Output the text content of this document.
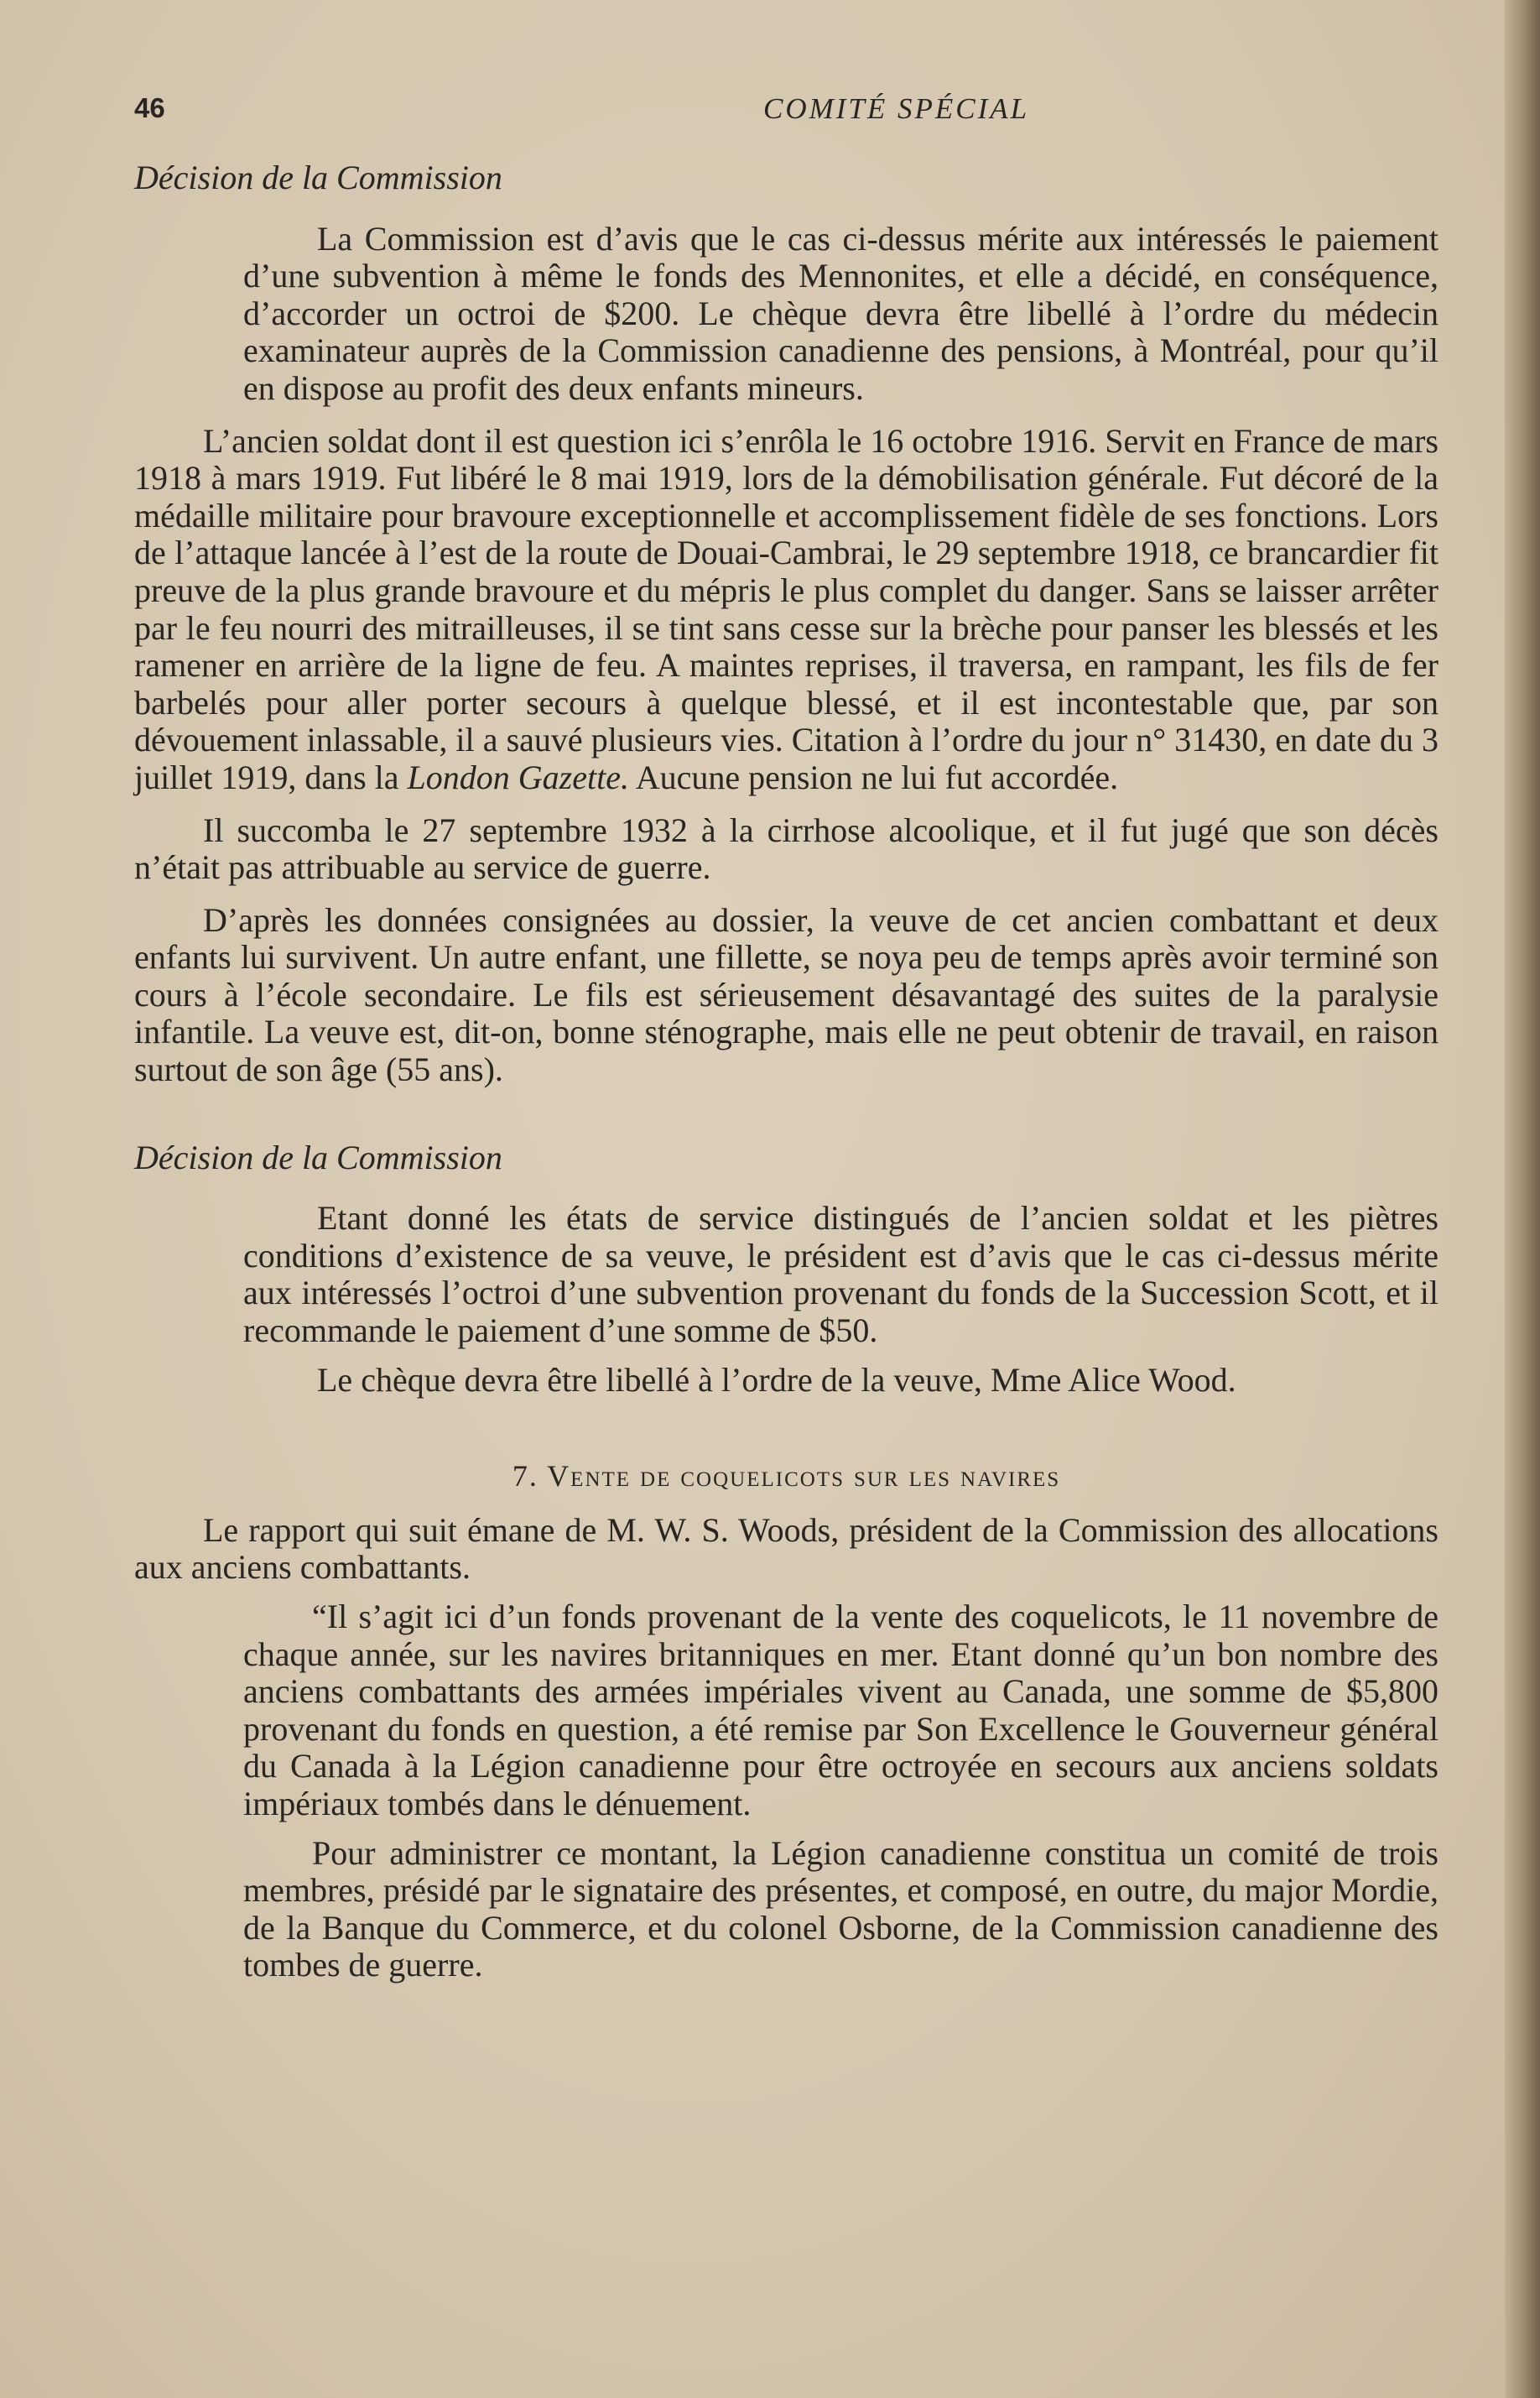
46	COMITÉ SPÉCIAL

Décision de la Commission

La Commission est d’avis que le cas ci-dessus mérite aux intéressés le paiement d’une subvention à même le fonds des Mennonites, et elle a décidé, en conséquence, d’accorder un octroi de $200. Le chèque devra être libellé à l’ordre du médecin examinateur auprès de la Commission canadienne des pensions, à Montréal, pour qu’il en dispose au profit des deux enfants mineurs.

L’ancien soldat dont il est question ici s’enrôla le 16 octobre 1916. Servit en France de mars 1918 à mars 1919. Fut libéré le 8 mai 1919, lors de la démobilisation générale. Fut décoré de la médaille militaire pour bravoure exceptionnelle et accomplissement fidèle de ses fonctions. Lors de l’attaque lancée à l’est de la route de Douai-Cambrai, le 29 septembre 1918, ce brancardier fit preuve de la plus grande bravoure et du mépris le plus complet du danger. Sans se laisser arrêter par le feu nourri des mitrailleuses, il se tint sans cesse sur la brèche pour panser les blessés et les ramener en arrière de la ligne de feu. A maintes reprises, il traversa, en rampant, les fils de fer barbelés pour aller porter secours à quelque blessé, et il est incontestable que, par son dévouement inlassable, il a sauvé plusieurs vies. Citation à l’ordre du jour n° 31430, en date du 3 juillet 1919, dans la London Gazette. Aucune pension ne lui fut accordée.

Il succomba le 27 septembre 1932 à la cirrhose alcoolique, et il fut jugé que son décès n’était pas attribuable au service de guerre.

D’après les données consignées au dossier, la veuve de cet ancien combattant et deux enfants lui survivent. Un autre enfant, une fillette, se noya peu de temps après avoir terminé son cours à l’école secondaire. Le fils est sérieusement désavantagé des suites de la paralysie infantile. La veuve est, dit-on, bonne sténographe, mais elle ne peut obtenir de travail, en raison surtout de son âge (55 ans).

Décision de la Commission

Etant donné les états de service distingués de l’ancien soldat et les piètres conditions d’existence de sa veuve, le président est d’avis que le cas ci-dessus mérite aux intéressés l’octroi d’une subvention provenant du fonds de la Succession Scott, et il recommande le paiement d’une somme de $50.

Le chèque devra être libellé à l’ordre de la veuve, Mme Alice Wood.

7. Vente de coquelicots sur les navires

Le rapport qui suit émane de M. W. S. Woods, président de la Commission des allocations aux anciens combattants.

“Il s’agit ici d’un fonds provenant de la vente des coquelicots, le 11 novembre de chaque année, sur les navires britanniques en mer. Etant donné qu’un bon nombre des anciens combattants des armées impériales vivent au Canada, une somme de $5,800 provenant du fonds en question, a été remise par Son Excellence le Gouverneur général du Canada à la Légion canadienne pour être octroyée en secours aux anciens soldats impériaux tombés dans le dénuement.

Pour administrer ce montant, la Légion canadienne constitua un comité de trois membres, présidé par le signataire des présentes, et composé, en outre, du major Mordie, de la Banque du Commerce, et du colonel Osborne, de la Commission canadienne des tombes de guerre.
